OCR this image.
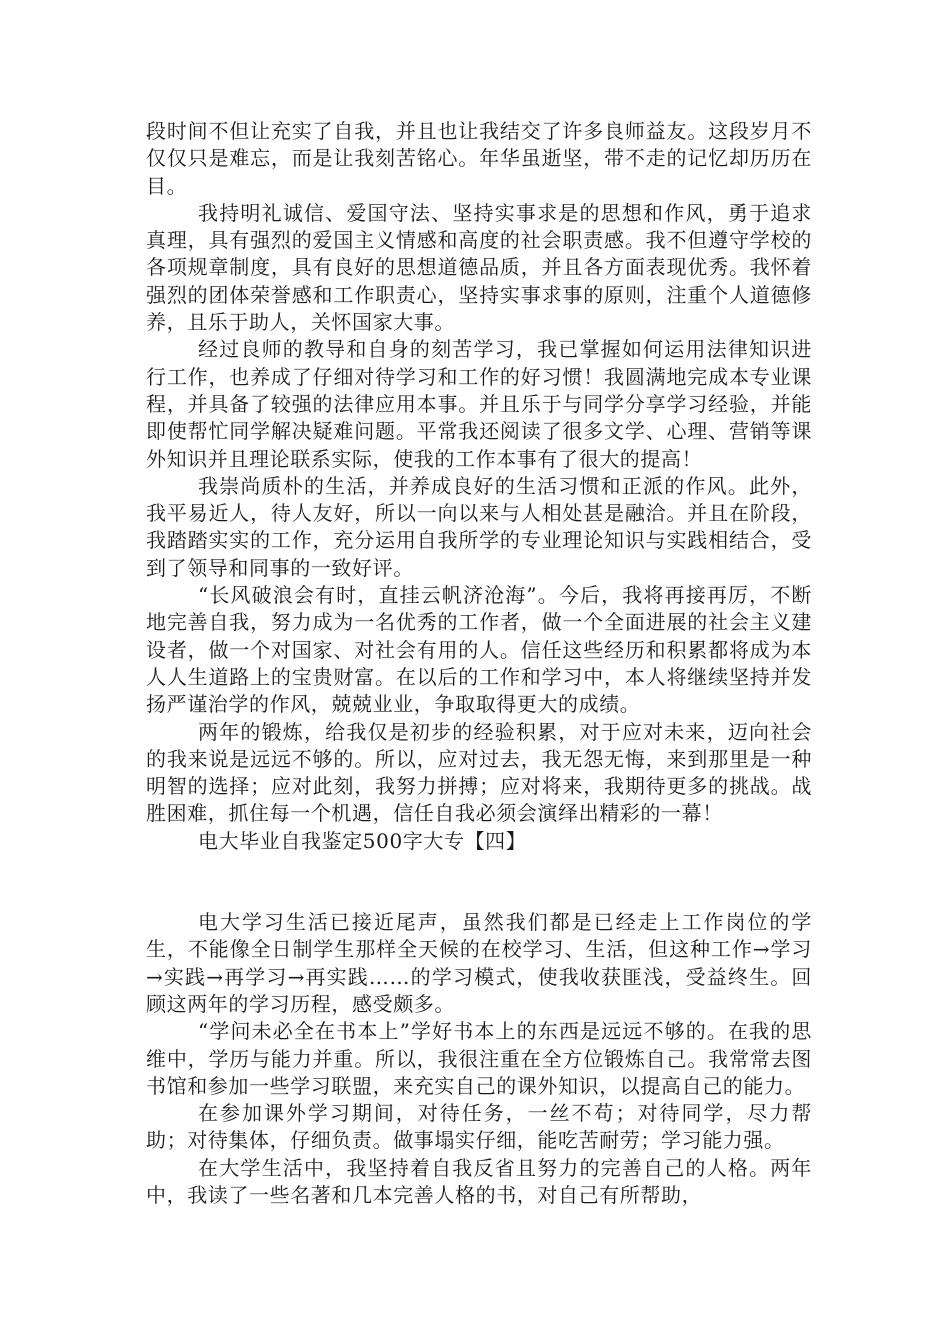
段时间不但让充实了自我，并且也让我结交了许多良师益友。这段岁月不仅仅只是难忘，而是让我刻苦铭心。年华虽逝坚，带不走的记忆却历历在目。

我持明礼诚信、爱国守法、坚持实事求是的思想和作风，勇于追求真理，具有强烈的爱国主义情感和高度的社会职责感。我不但遵守学校的各项规章制度，具有良好的思想道德品质，并且各方面表现优秀。我怀着强烈的团体荣誉感和工作职责心，坚持实事求事的原则，注重个人道德修养，且乐于助人，关怀国家大事。

经过良师的教导和自身的刻苦学习，我已掌握如何运用法律知识进行工作，也养成了仔细对待学习和工作的好习惯！我圆满地完成本专业课程，并具备了较强的法律应用本事。并且乐于与同学分享学习经验，并能即使帮忙同学解决疑难问题。平常我还阅读了很多文学、心理、营销等课外知识并且理论联系实际，使我的工作本事有了很大的提高！

我崇尚质朴的生活，并养成良好的生活习惯和正派的作风。此外，我平易近人，待人友好，所以一向以来与人相处甚是融洽。并且在阶段，我踏踏实实的工作，充分运用自我所学的专业理论知识与实践相结合，受到了领导和同事的一致好评。

“长风破浪会有时，直挂云帆济沧海”。今后，我将再接再厉，不断地完善自我，努力成为一名优秀的工作者，做一个全面进展的社会主义建设者，做一个对国家、对社会有用的人。信任这些经历和积累都将成为本人人生道路上的宝贵财富。在以后的工作和学习中，本人将继续坚持并发扬严谨治学的作风，兢兢业业，争取取得更大的成绩。

两年的锻炼，给我仅是初步的经验积累，对于应对未来，迈向社会的我来说是远远不够的。所以，应对过去，我无怨无悔，来到那里是一种明智的选择；应对此刻，我努力拼搏；应对将来，我期待更多的挑战。战胜困难，抓住每一个机遇，信任自我必须会演绎出精彩的一幕！

电大毕业自我鉴定500字大专【四】

电大学习生活已接近尾声，虽然我们都是已经走上工作岗位的学生，不能像全日制学生那样全天候的在校学习、生活，但这种工作→学习→实践→再学习→再实践……的学习模式，使我收获匪浅，受益终生。回顾这两年的学习历程，感受颇多。

“学问未必全在书本上”学好书本上的东西是远远不够的。在我的思维中，学历与能力并重。所以，我很注重在全方位锻炼自己。我常常去图书馆和参加一些学习联盟，来充实自己的课外知识，以提高自己的能力。

在参加课外学习期间，对待任务，一丝不苟；对待同学，尽力帮助；对待集体，仔细负责。做事塌实仔细，能吃苦耐劳；学习能力强。

在大学生活中，我坚持着自我反省且努力的完善自己的人格。两年中，我读了一些名著和几本完善人格的书，对自己有所帮助，
